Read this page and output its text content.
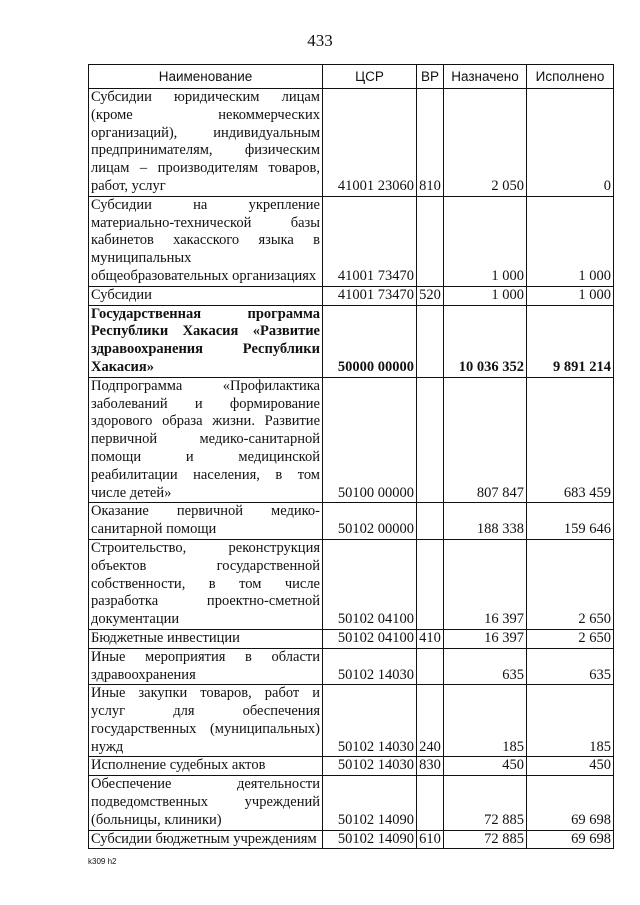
433
Наименование	ЦСР	ВР	Назначено	Исполнено
Субсидии юридическим лицам (кроме некоммерческих организаций), индивидуальным предпринимателям, физическим лицам – производителям товаров, работ, услуг	41001 23060	810	2 050	0
Субсидии на укрепление материально-технической базы кабинетов хакасского языка в муниципальных общеобразовательных организациях	41001 73470		1 000	1 000
Субсидии	41001 73470	520	1 000	1 000
Государственная программа Республики Хакасия «Развитие здравоохранения Республики Хакасия»	50000 00000		10 036 352	9 891 214
Подпрограмма «Профилактика заболеваний и формирование здорового образа жизни. Развитие первичной медико-санитарной помощи и медицинской реабилитации населения, в том числе детей»	50100 00000		807 847	683 459
Оказание первичной медико-санитарной помощи	50102 00000		188 338	159 646
Строительство, реконструкция объектов государственной собственности, в том числе разработка проектно-сметной документации	50102 04100		16 397	2 650
Бюджетные инвестиции	50102 04100	410	16 397	2 650
Иные мероприятия в области здравоохранения	50102 14030		635	635
Иные закупки товаров, работ и услуг для обеспечения государственных (муниципальных) нужд	50102 14030	240	185	185
Исполнение судебных актов	50102 14030	830	450	450
Обеспечение деятельности подведомственных учреждений (больницы, клиники)	50102 14090		72 885	69 698
Субсидии бюджетным учреждениям	50102 14090	610	72 885	69 698
k309 h2
